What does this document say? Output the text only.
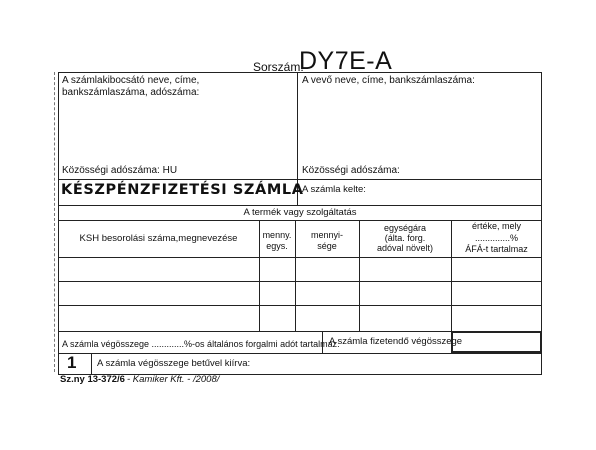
Sorszám:
DY7E-A
A számlakibocsátó neve, címe,
bankszámlaszáma, adószáma:
Közösségi adószáma: HU
A vevő neve, címe, bankszámlaszáma:
Közösségi adószáma:
KÉSZPÉNZFIZETÉSI SZÁMLA
A számla kelte:
A termék vagy szolgáltatás
KSH besorolási száma,megnevezése	menny.
egys.
mennyi-
sége
egységára
(álta. forg.
adóval növelt)
értéke, mely
..............%
ÁFÁ-t tartalmaz
A számla végösszege .............%-os általános forgalmi adót tartalmaz.
A számla fizetendő végösszege
1 A számla végösszege betűvel kiírva:
Sz.ny 13-372/6 - Kamiker Kft. - /2008/
